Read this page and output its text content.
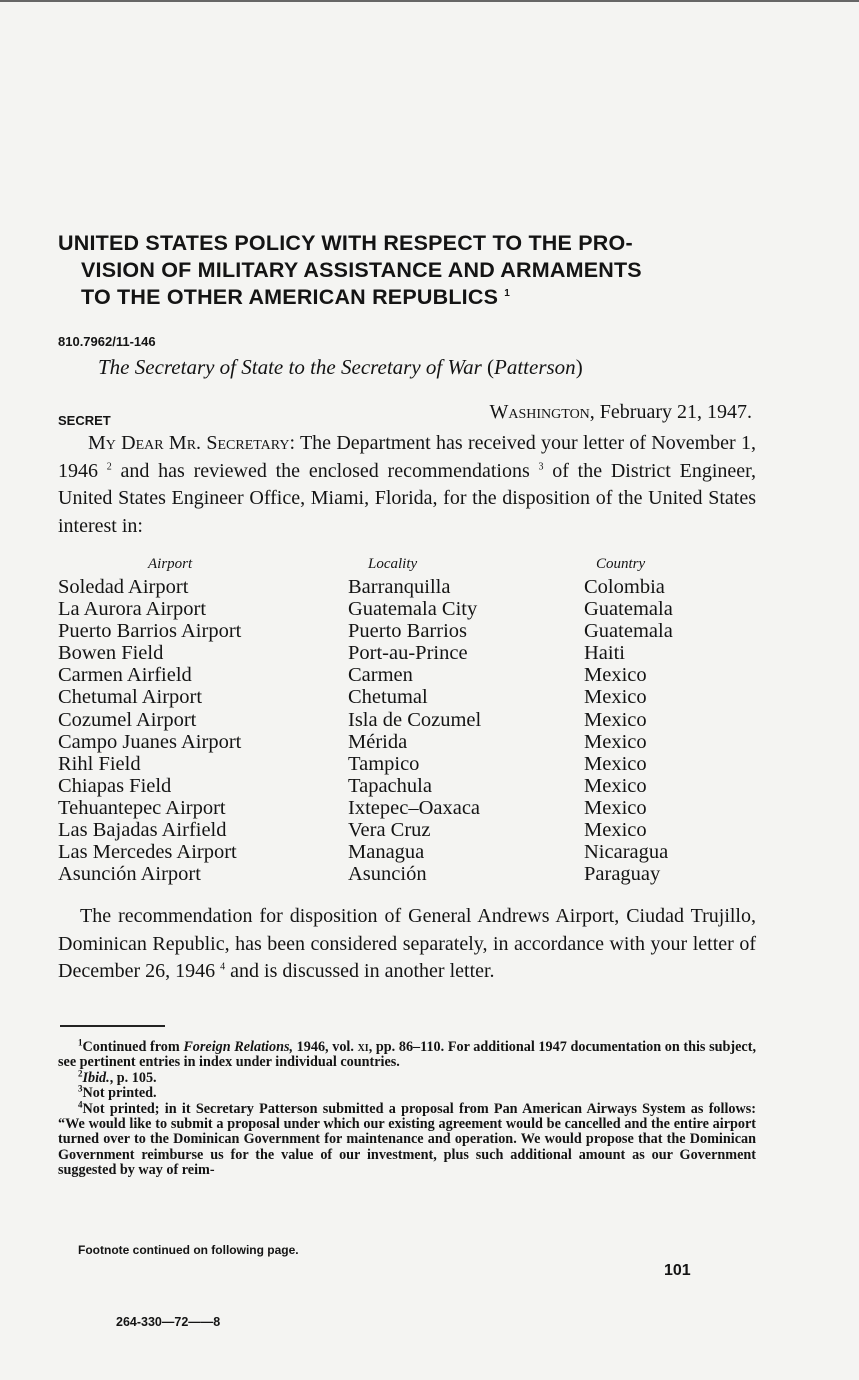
UNITED STATES POLICY WITH RESPECT TO THE PRO-
VISION OF MILITARY ASSISTANCE AND ARMAMENTS
TO THE OTHER AMERICAN REPUBLICS $^1$
810.7962/11-146
The Secretary of State to the Secretary of War (Patterson)
SECRET	Washington, February 21, 1947.

My Dear Mr. Secretary: The Department has received your letter of November 1, 1946 $^2$ and has reviewed the enclosed recommendations $^3$ of the District Engineer, United States Engineer Office, Miami, Florida, for the disposition of the United States interest in:

Airport	Locality	Country
Soledad Airport	Barranquilla	Colombia
La Aurora Airport	Guatemala City	Guatemala
Puerto Barrios Airport	Puerto Barrios	Guatemala
Bowen Field	Port-au-Prince	Haiti
Carmen Airfield	Carmen	Mexico
Chetumal Airport	Chetumal	Mexico
Cozumel Airport	Isla de Cozumel	Mexico
Campo Juanes Airport	Mérida	Mexico
Rihl Field	Tampico	Mexico
Chiapas Field	Tapachula	Mexico
Tehuantepec Airport	Ixtepec–Oaxaca	Mexico
Las Bajadas Airfield	Vera Cruz	Mexico
Las Mercedes Airport	Managua	Nicaragua
Asunción Airport	Asunción	Paraguay

The recommendation for disposition of General Andrews Airport, Ciudad Trujillo, Dominican Republic, has been considered separately, in accordance with your letter of December 26, 1946 $^4$ and is discussed in another letter.

$^1$Continued from Foreign Relations, 1946, vol. xi, pp. 86–110. For additional 1947 documentation on this subject, see pertinent entries in index under individual countries.

$^2$Ibid., p. 105.

$^3$Not printed.

$^4$Not printed; in it Secretary Patterson submitted a proposal from Pan American Airways System as follows: “We would like to submit a proposal under which our existing agreement would be cancelled and the entire airport turned over to the Dominican Government for maintenance and operation. We would propose that the Dominican Government reimburse us for the value of our investment, plus such additional amount as our Government suggested by way of reim-

Footnote continued on following page.
101
264-330—72——8
